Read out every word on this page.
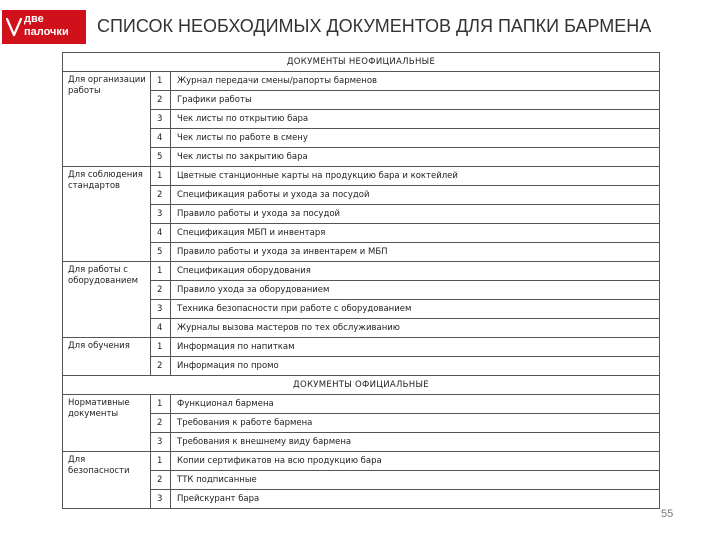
две
палочки СПИСОК НЕОБХОДИМЫХ ДОКУМЕНТОВ ДЛЯ ПАПКИ БАРМЕНА
ДОКУМЕНТЫ НЕОФИЦИАЛЬНЫЕ		
Для организации работы	1	Журнал передачи смены/рапорты барменов
	2	Графики работы
	3	Чек листы по открытию бара
	4	Чек листы по работе в смену
	5	Чек листы по закрытию бара
Для соблюдения стандартов	1	Цветные станционные карты на продукцию бара и коктейлей
	2	Спецификация работы и ухода за посудой
	3	Правило работы и ухода за посудой
	4	Спецификация МБП и инвентаря
	5	Правило работы и ухода за инвентарем и МБП
Для работы с оборудованием	1	Спецификация оборудования
	2	Правило ухода за оборудованием
	3	Техника безопасности при работе с оборудованием
	4	Журналы вызова мастеров по тех обслуживанию
Для обучения	1	Информация по напиткам
	2	Информация по промо
ДОКУМЕНТЫ ОФИЦИАЛЬНЫЕ		
Нормативные документы	1	Функционал бармена
	2	Требования к работе бармена
	3	Требования к внешнему виду бармена
Для безопасности	1	Копии сертификатов на всю продукцию бара
	2	ТТК подписанные
	3	Прейскурант бара
55
